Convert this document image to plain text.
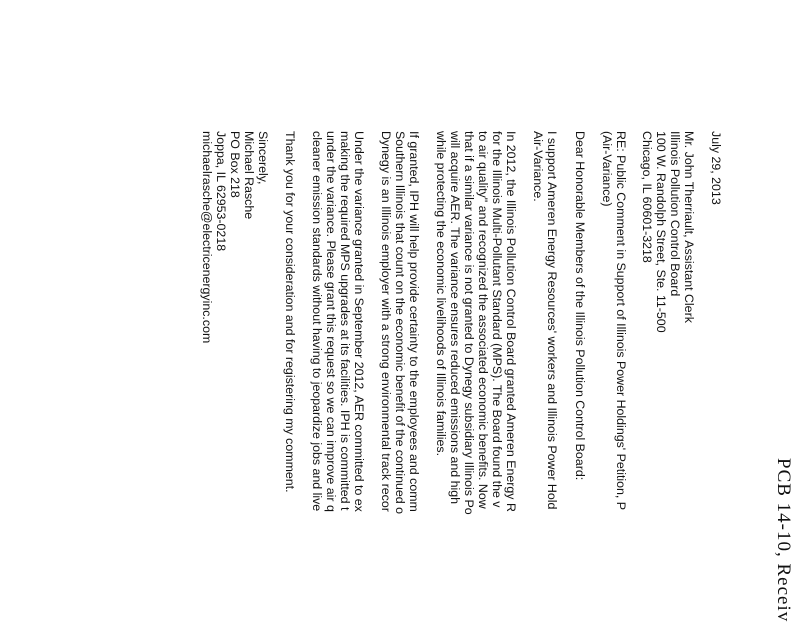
PCB 14-10, Receiv
July 29, 2013
Mr. John Therriault, Assistant Clerk
Illinois Pollution Control Board
100 W. Randolph Street, Ste. 11-500
Chicago, IL 60601-3218
RE: Public Comment in Support of Illinois Power Holdings' Petition, P
(Air-Variance)
Dear Honorable Members of the Illinois Pollution Control Board:
I support Ameren Energy Resources' workers and Illinois Power Hold
Air-Variance.
In 2012, the Illinois Pollution Control Board granted Ameren Energy R
for the Illinois Multi-Pollutant Standard (MPS). The Board found the v
to air quality" and recognized the associated economic benefits. Now
that if a similar variance is not granted to Dynegy subsidiary Illinois Po
will acquire AER. The variance ensures reduced emissions and high
while protecting the economic livelihoods of Illinois families.
If granted, IPH will help provide certainty to the employees and comm
Southern Illinois that count on the economic benefit of the continued o
Dynegy is an Illinois employer with a strong environmental track recor
Under the variance granted in September 2012, AER committed to ex
making the required MPS upgrades at its facilities. IPH is committed t
under the variance. Please grant this request so we can improve air q
cleaner emission standards without having to jeopardize jobs and live
Thank you for your consideration and for registering my comment.
Sincerely,
Michael Rasche
PO Box 218
Joppa, IL 62953-0218
michaelrasche@electricenergyinc.com
